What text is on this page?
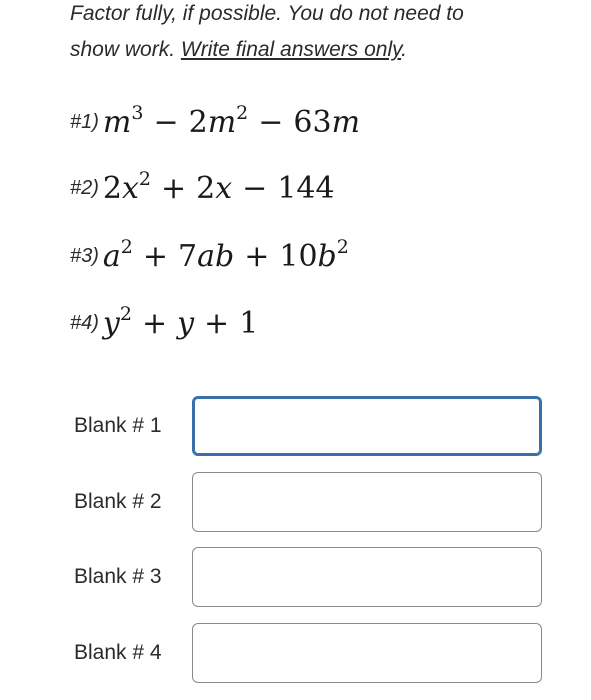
Factor fully, if possible. You do not need to
show work. Write final answers only.
#1) $m^3 - 2m^2 - 63m$
#2) $2x^2 + 2x - 144$
#3) $a^2 + 7ab + 10b^2$
#4) $y^2 + y + 1$
Blank # 1
Blank # 2
Blank # 3
Blank # 4
